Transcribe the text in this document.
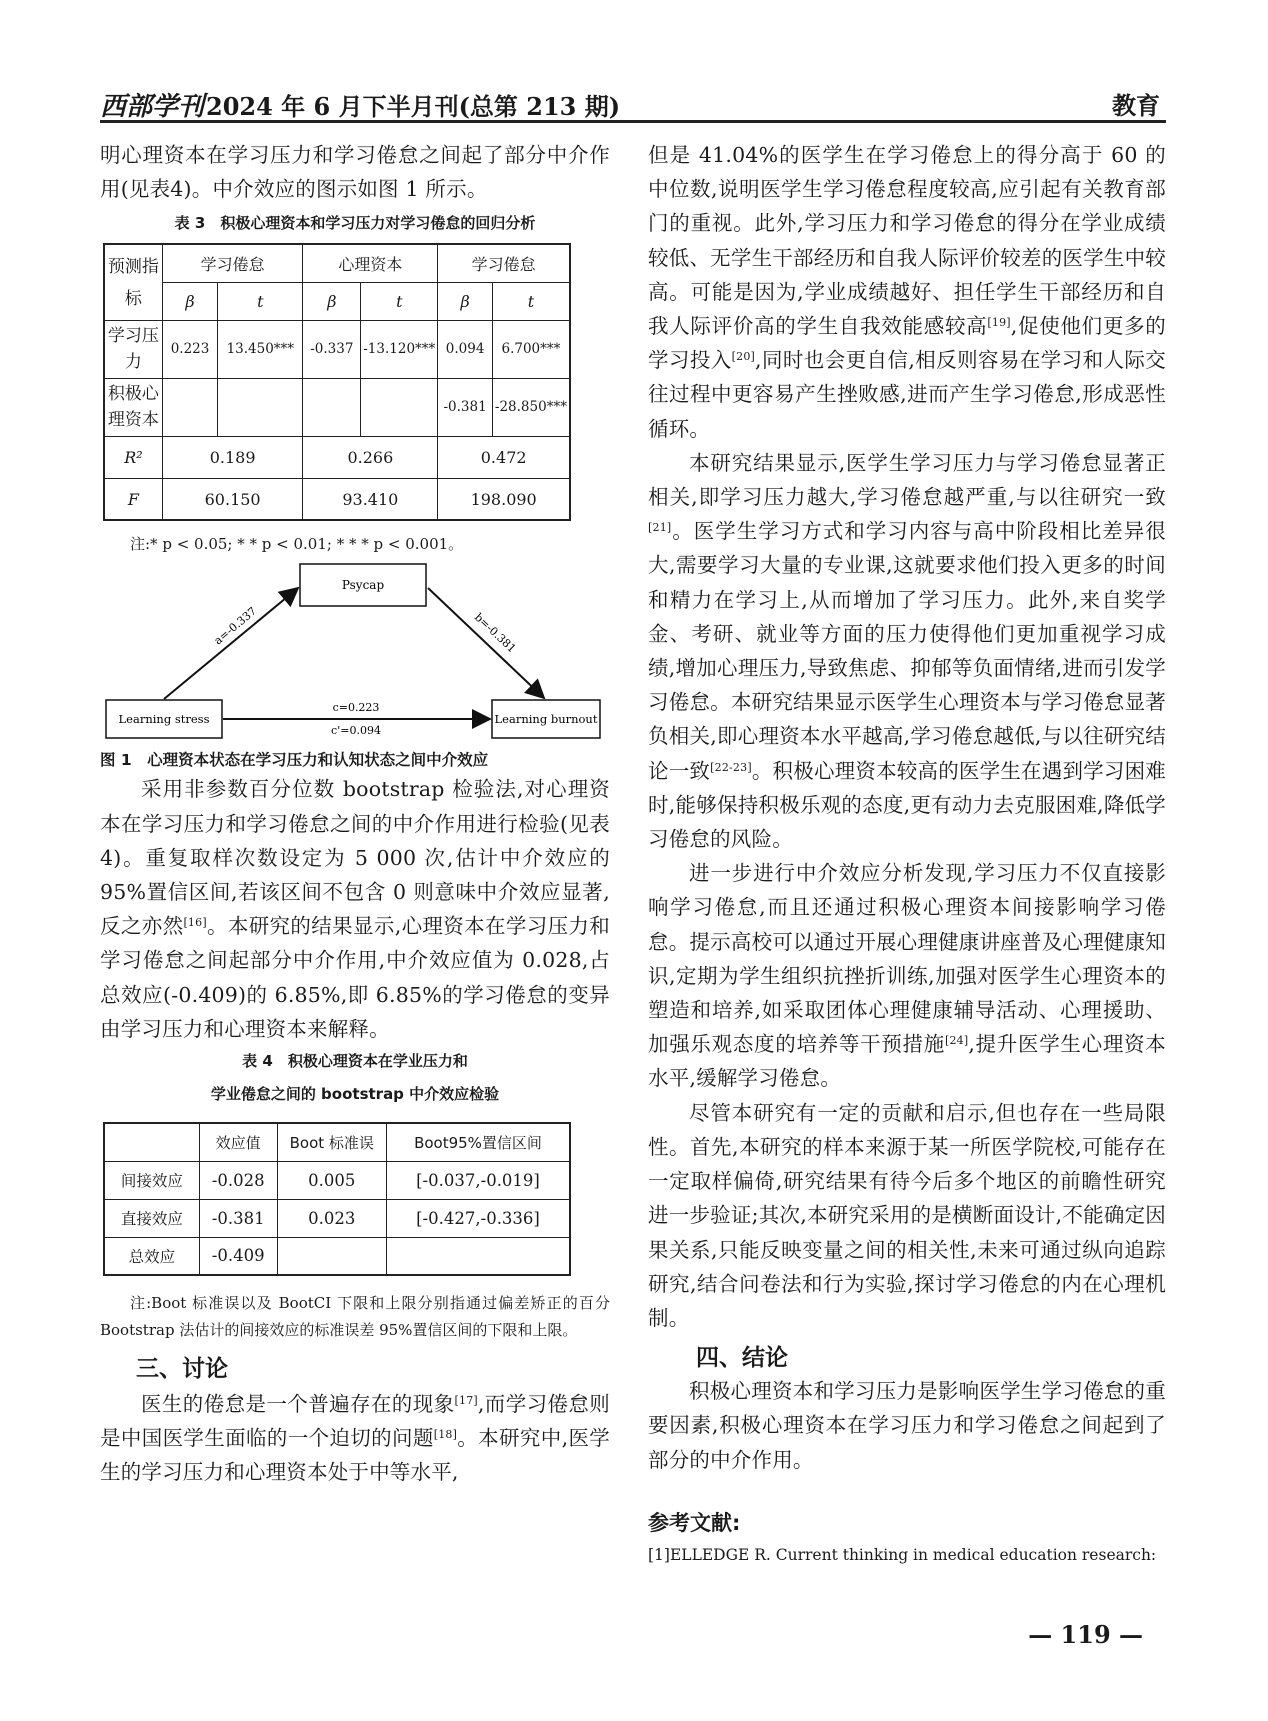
西部学刊2024 年 6 月下半月刊(总第 213 期)	教育

明心理资本在学习压力和学习倦怠之间起了部分中介作用(见表4)。中介效应的图示如图 1 所示。

表 3　积极心理资本和学习压力对学习倦怠的回归分析

预测指标	学习倦怠		心理资本		学习倦怠	
	β	t	β	t	β	t
学习压力	0.223	13.450***	-0.337	-13.120***	0.094	6.700***
积极心理资本					-0.381	-28.850***
R²	0.189		0.266		0.472	
F	60.150		93.410		198.090	

注:* p < 0.05; * * p < 0.01; * * * p < 0.001。

Psycap
Learning stress	Learning burnout
a=-0.337	b=-0.381
c=0.223
c'=0.094

图 1　心理资本状态在学习压力和认知状态之间中介效应

采用非参数百分位数 bootstrap 检验法,对心理资本在学习压力和学习倦怠之间的中介作用进行检验(见表4)。重复取样次数设定为 5 000 次,估计中介效应的 95%置信区间,若该区间不包含 0 则意味中介效应显著,反之亦然[16]。本研究的结果显示,心理资本在学习压力和学习倦怠之间起部分中介作用,中介效应值为 0.028,占总效应(-0.409)的 6.85%,即 6.85%的学习倦怠的变异由学习压力和心理资本来解释。

表 4　积极心理资本在学业压力和

学业倦怠之间的 bootstrap 中介效应检验

	效应值	Boot 标准误	Boot95%置信区间
间接效应	-0.028	0.005	[-0.037,-0.019]
直接效应	-0.381	0.023	[-0.427,-0.336]
总效应	-0.409		

注:Boot 标准误以及 BootCI 下限和上限分别指通过偏差矫正的百分 Bootstrap 法估计的间接效应的标准误差 95%置信区间的下限和上限。

三、讨论

医生的倦怠是一个普遍存在的现象[17],而学习倦怠则是中国医学生面临的一个迫切的问题[18]。本研究中,医学生的学习压力和心理资本处于中等水平,

但是 41.04%的医学生在学习倦怠上的得分高于 60 的中位数,说明医学生学习倦怠程度较高,应引起有关教育部门的重视。此外,学习压力和学习倦怠的得分在学业成绩较低、无学生干部经历和自我人际评价较差的医学生中较高。可能是因为,学业成绩越好、担任学生干部经历和自我人际评价高的学生自我效能感较高[19],促使他们更多的学习投入[20],同时也会更自信,相反则容易在学习和人际交往过程中更容易产生挫败感,进而产生学习倦怠,形成恶性循环。

本研究结果显示,医学生学习压力与学习倦怠显著正相关,即学习压力越大,学习倦怠越严重,与以往研究一致[21]。医学生学习方式和学习内容与高中阶段相比差异很大,需要学习大量的专业课,这就要求他们投入更多的时间和精力在学习上,从而增加了学习压力。此外,来自奖学金、考研、就业等方面的压力使得他们更加重视学习成绩,增加心理压力,导致焦虑、抑郁等负面情绪,进而引发学习倦怠。本研究结果显示医学生心理资本与学习倦怠显著负相关,即心理资本水平越高,学习倦怠越低,与以往研究结论一致[22-23]。积极心理资本较高的医学生在遇到学习困难时,能够保持积极乐观的态度,更有动力去克服困难,降低学习倦怠的风险。

进一步进行中介效应分析发现,学习压力不仅直接影响学习倦怠,而且还通过积极心理资本间接影响学习倦怠。提示高校可以通过开展心理健康讲座普及心理健康知识,定期为学生组织抗挫折训练,加强对医学生心理资本的塑造和培养,如采取团体心理健康辅导活动、心理援助、加强乐观态度的培养等干预措施[24],提升医学生心理资本水平,缓解学习倦怠。

尽管本研究有一定的贡献和启示,但也存在一些局限性。首先,本研究的样本来源于某一所医学院校,可能存在一定取样偏倚,研究结果有待今后多个地区的前瞻性研究进一步验证;其次,本研究采用的是横断面设计,不能确定因果关系,只能反映变量之间的相关性,未来可通过纵向追踪研究,结合问卷法和行为实验,探讨学习倦怠的内在心理机制。

四、结论

积极心理资本和学习压力是影响医学生学习倦怠的重要因素,积极心理资本在学习压力和学习倦怠之间起到了部分的中介作用。

参考文献:

[1]ELLEDGE R. Current thinking in medical education research:

— 119 —
